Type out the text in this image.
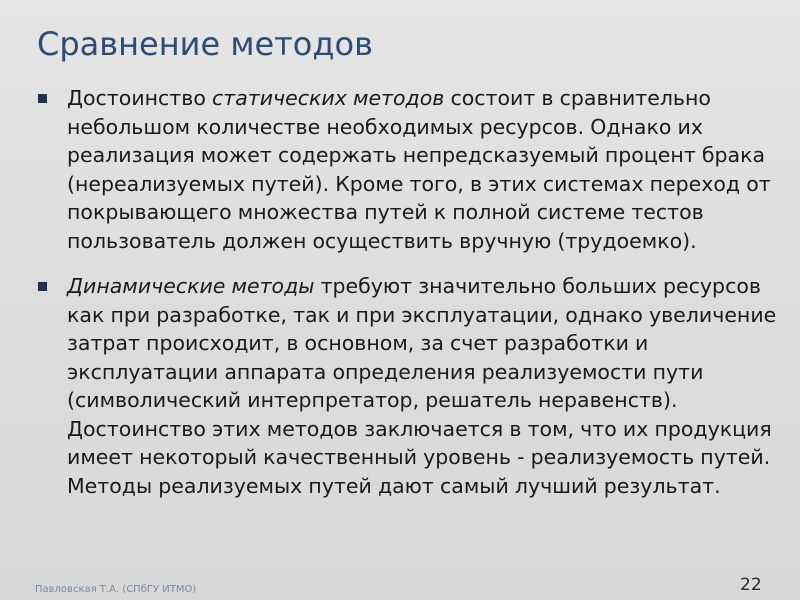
Сравнение методов
Достоинство статических методов состоит в сравнительно небольшом количестве необходимых ресурсов. Однако их реализация может содержать непредсказуемый процент брака (нереализуемых путей). Кроме того, в этих системах переход от покрывающего множества путей к полной системе тестов пользователь должен осуществить вручную (трудоемко).
Динамические методы требуют значительно больших ресурсов как при разработке, так и при эксплуатации, однако увеличение затрат происходит, в основном, за счет разработки и эксплуатации аппарата определения реализуемости пути (символический интерпретатор, решатель неравенств). Достоинство этих методов заключается в том, что их продукция имеет некоторый качественный уровень - реализуемость путей. Методы реализуемых путей дают самый лучший результат.
Павловская Т.А. (СПбГУ ИТМО)	22
